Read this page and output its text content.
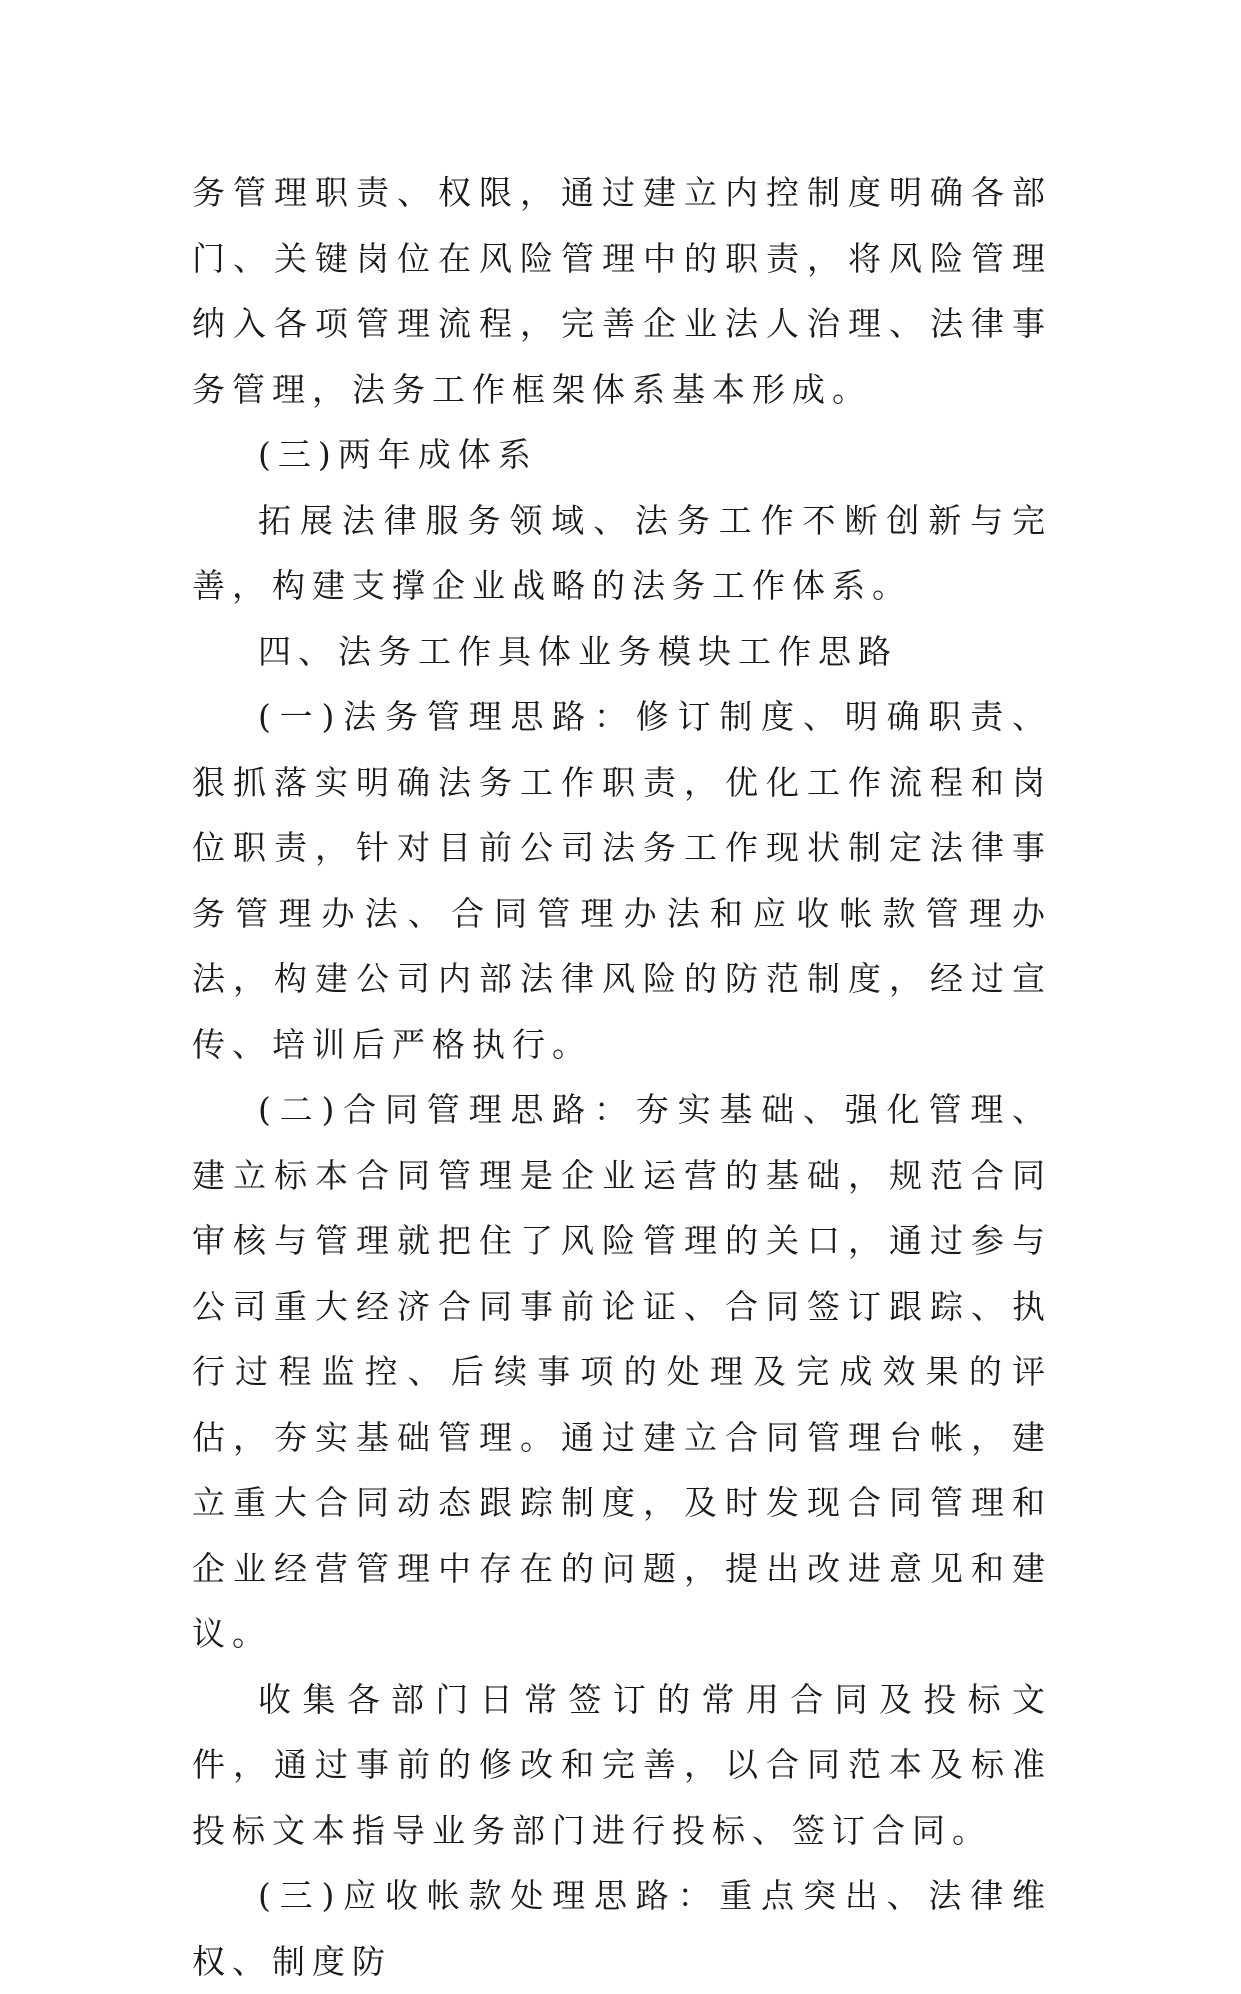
务管理职责、权限，通过建立内控制度明确各部门、关键岗位在风险管理中的职责，将风险管理纳入各项管理流程，完善企业法人治理、法律事务管理，法务工作框架体系基本形成。

(三)两年成体系

拓展法律服务领域、法务工作不断创新与完善，构建支撑企业战略的法务工作体系。

四、法务工作具体业务模块工作思路

(一)法务管理思路：修订制度、明确职责、狠抓落实明确法务工作职责，优化工作流程和岗位职责，针对目前公司法务工作现状制定法律事务管理办法、合同管理办法和应收帐款管理办法，构建公司内部法律风险的防范制度，经过宣传、培训后严格执行。

(二)合同管理思路：夯实基础、强化管理、建立标本合同管理是企业运营的基础，规范合同审核与管理就把住了风险管理的关口，通过参与公司重大经济合同事前论证、合同签订跟踪、执行过程监控、后续事项的处理及完成效果的评估，夯实基础管理。通过建立合同管理台帐，建立重大合同动态跟踪制度，及时发现合同管理和企业经营管理中存在的问题，提出改进意见和建议。

收集各部门日常签订的常用合同及投标文件，通过事前的修改和完善，以合同范本及标准投标文本指导业务部门进行投标、签订合同。

(三)应收帐款处理思路：重点突出、法律维权、制度防
